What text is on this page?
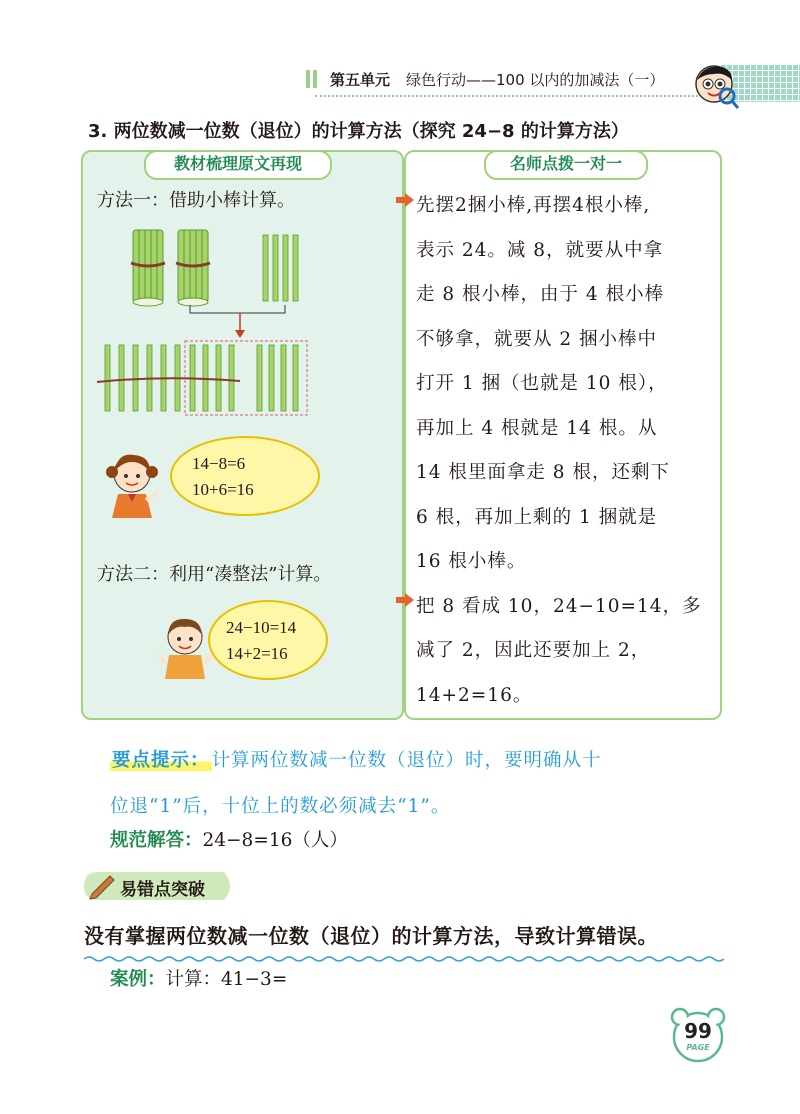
第五单元 绿色行动——100 以内的加减法（一）
3. 两位数减一位数（退位）的计算方法（探究 24−8 的计算方法）
教材梳理原文再现
方法一：借助小棒计算。
14−8=6
10+6=16
方法二：利用“凑整法”计算。
24−10=14
14+2=16
名师点拨一对一

先摆2捆小棒,再摆4根小棒,

表示 24。减 8，就要从中拿

走 8 根小棒，由于 4 根小棒

不够拿，就要从 2 捆小棒中

打开 1 捆（也就是 10 根），

再加上 4 根就是 14 根。从

14 根里面拿走 8 根，还剩下

6 根，再加上剩的 1 捆就是

16 根小棒。

把 8 看成 10，24−10=14，多

减了 2，因此还要加上 2，

14+2=16。

要点提示： 计算两位数减一位数（退位）时，要明确从十
位退“1”后，十位上的数必须减去“1”。
规范解答：24−8=16（人）
易错点突破
没有掌握两位数减一位数（退位）的计算方法，导致计算错误。
案例：计算：41−3=
99
PAGE
